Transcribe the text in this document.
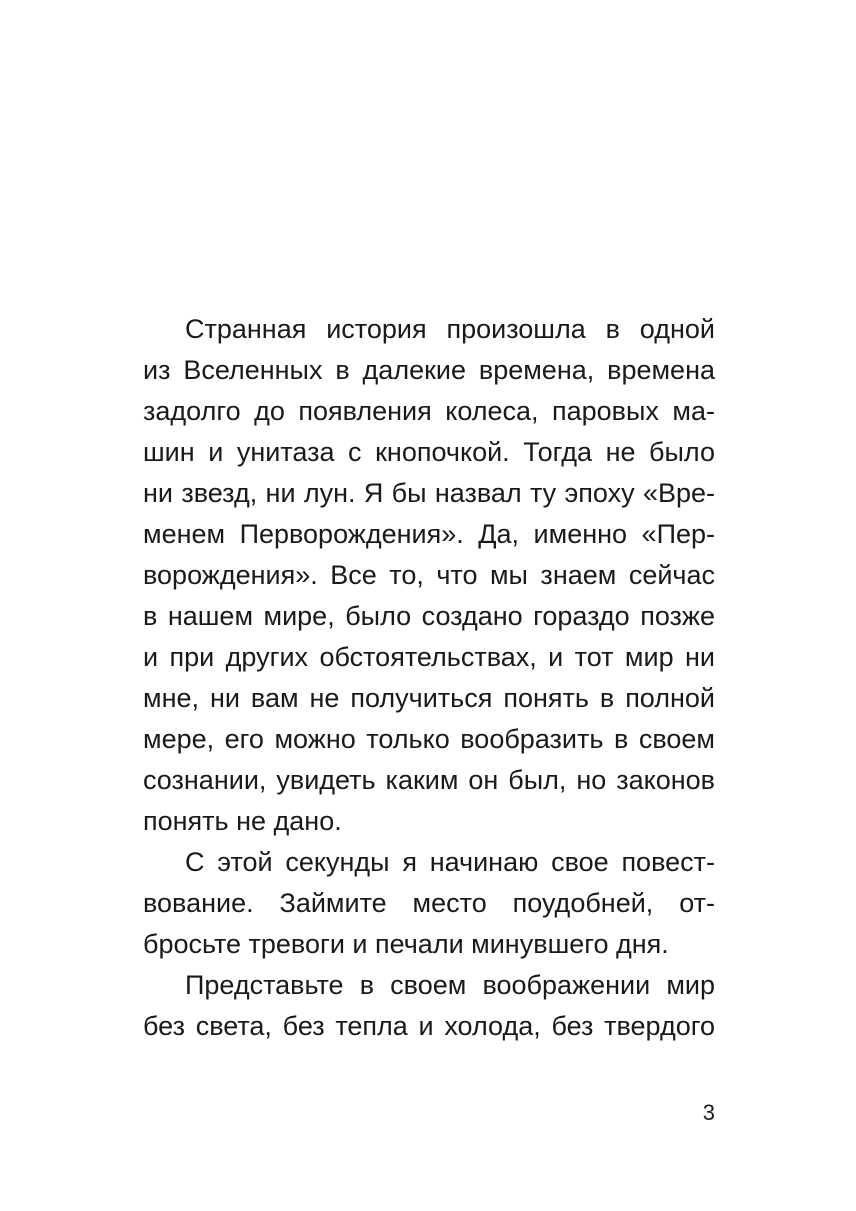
Странная история произошла в одной
из Вселенных в далекие времена, времена
задолго до появления колеса, паровых ма-
шин и унитаза с кнопочкой. Тогда не было
ни звезд, ни лун. Я бы назвал ту эпоху «Вре-
менем Перворождения». Да, именно «Пер-
ворождения». Все то, что мы знаем сейчас
в нашем мире, было создано гораздо позже
и при других обстоятельствах, и тот мир ни
мне, ни вам не получиться понять в полной
мере, его можно только вообразить в своем
сознании, увидеть каким он был, но законов
понять не дано.
С этой секунды я начинаю свое повест-
вование. Займите место поудобней, от-
бросьте тревоги и печали минувшего дня.
Представьте в своем воображении мир
без света, без тепла и холода, без твердого
3
